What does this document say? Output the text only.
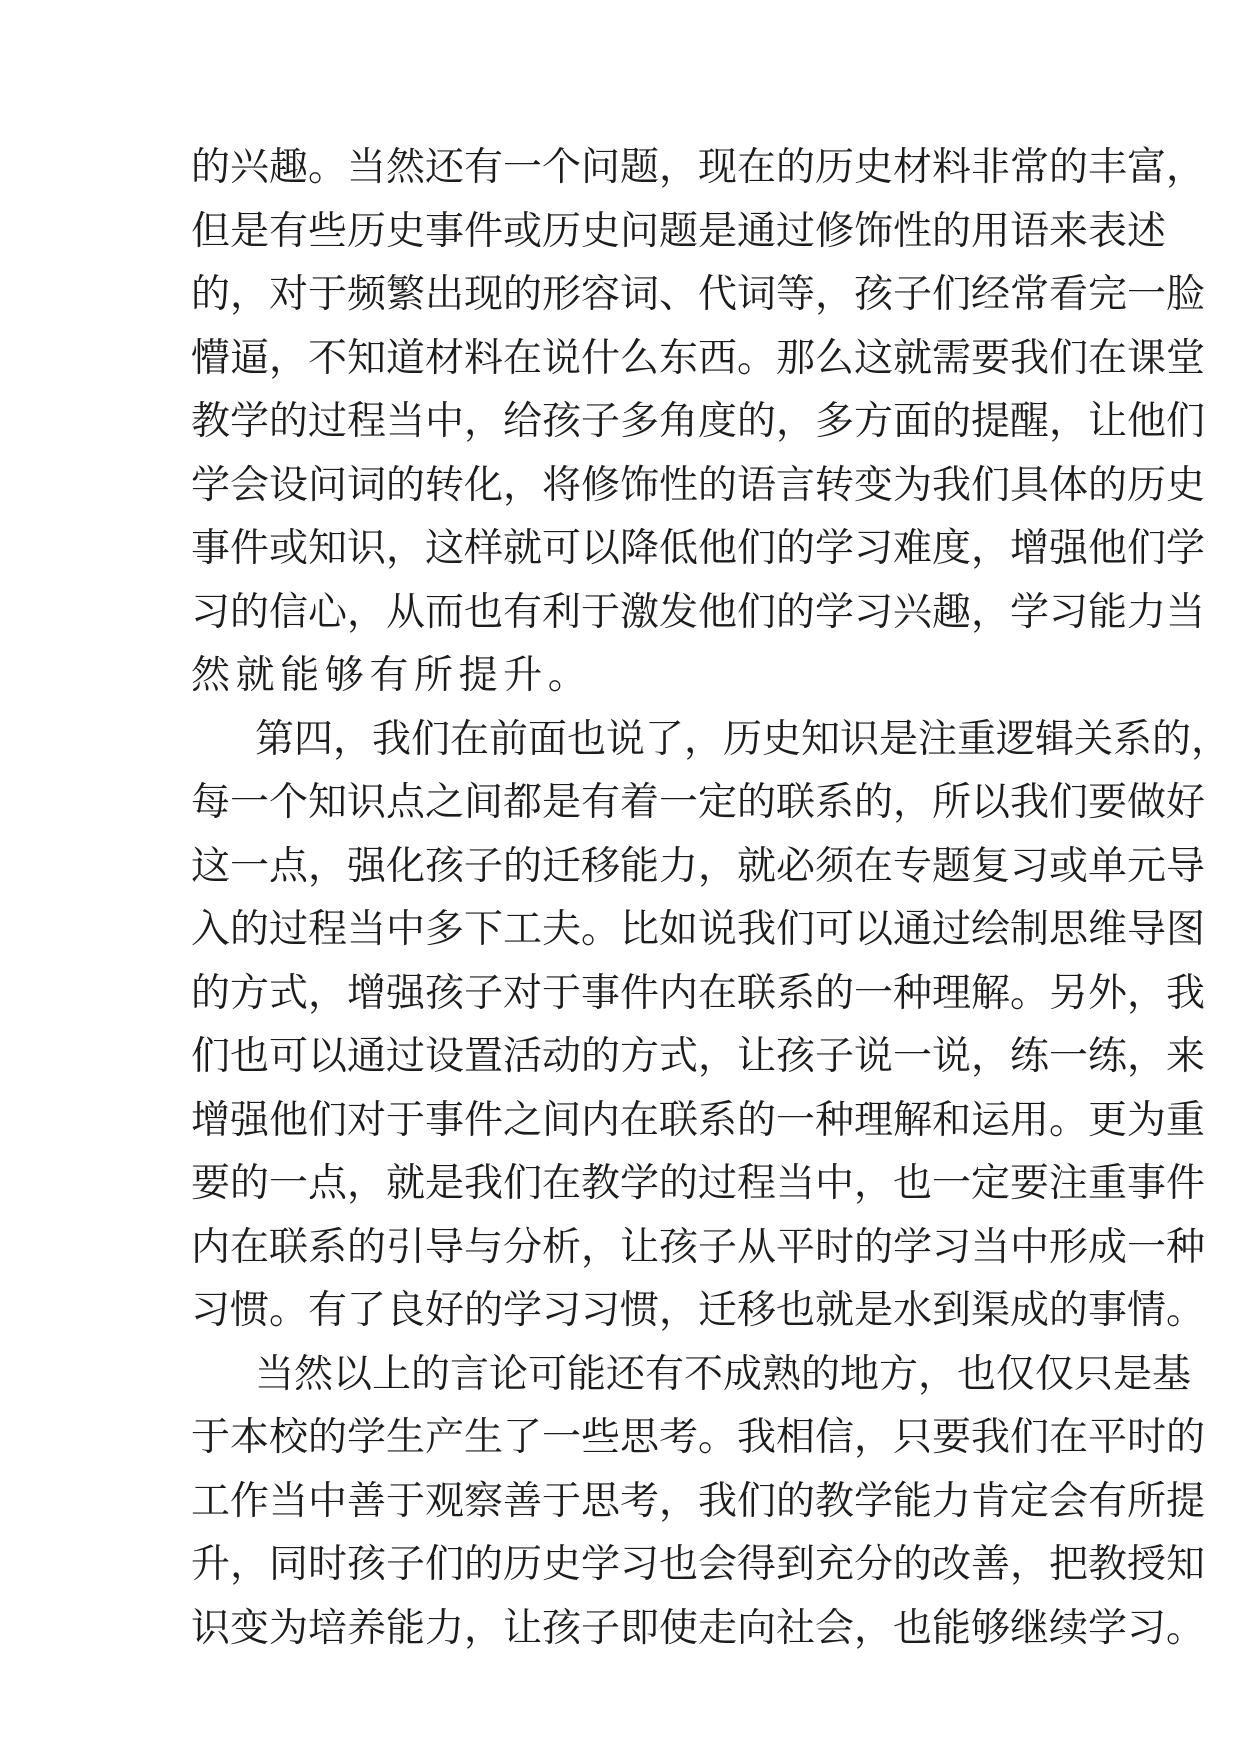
的兴趣。当然还有一个问题，现在的历史材料非常的丰富，
但是有些历史事件或历史问题是通过修饰性的用语来表述
的，对于频繁出现的形容词、代词等，孩子们经常看完一脸
懵逼，不知道材料在说什么东西。那么这就需要我们在课堂
教学的过程当中，给孩子多角度的，多方面的提醒，让他们
学会设问词的转化，将修饰性的语言转变为我们具体的历史
事件或知识，这样就可以降低他们的学习难度，增强他们学
习的信心，从而也有利于激发他们的学习兴趣，学习能力当
然就能够有所提升。
第四，我们在前面也说了，历史知识是注重逻辑关系的，
每一个知识点之间都是有着一定的联系的，所以我们要做好
这一点，强化孩子的迁移能力，就必须在专题复习或单元导
入的过程当中多下工夫。比如说我们可以通过绘制思维导图
的方式，增强孩子对于事件内在联系的一种理解。另外，我
们也可以通过设置活动的方式，让孩子说一说，练一练，来
增强他们对于事件之间内在联系的一种理解和运用。更为重
要的一点，就是我们在教学的过程当中，也一定要注重事件
内在联系的引导与分析，让孩子从平时的学习当中形成一种
习惯。有了良好的学习习惯，迁移也就是水到渠成的事情。
当然以上的言论可能还有不成熟的地方，也仅仅只是基
于本校的学生产生了一些思考。我相信，只要我们在平时的
工作当中善于观察善于思考，我们的教学能力肯定会有所提
升，同时孩子们的历史学习也会得到充分的改善，把教授知
识变为培养能力，让孩子即使走向社会，也能够继续学习。
